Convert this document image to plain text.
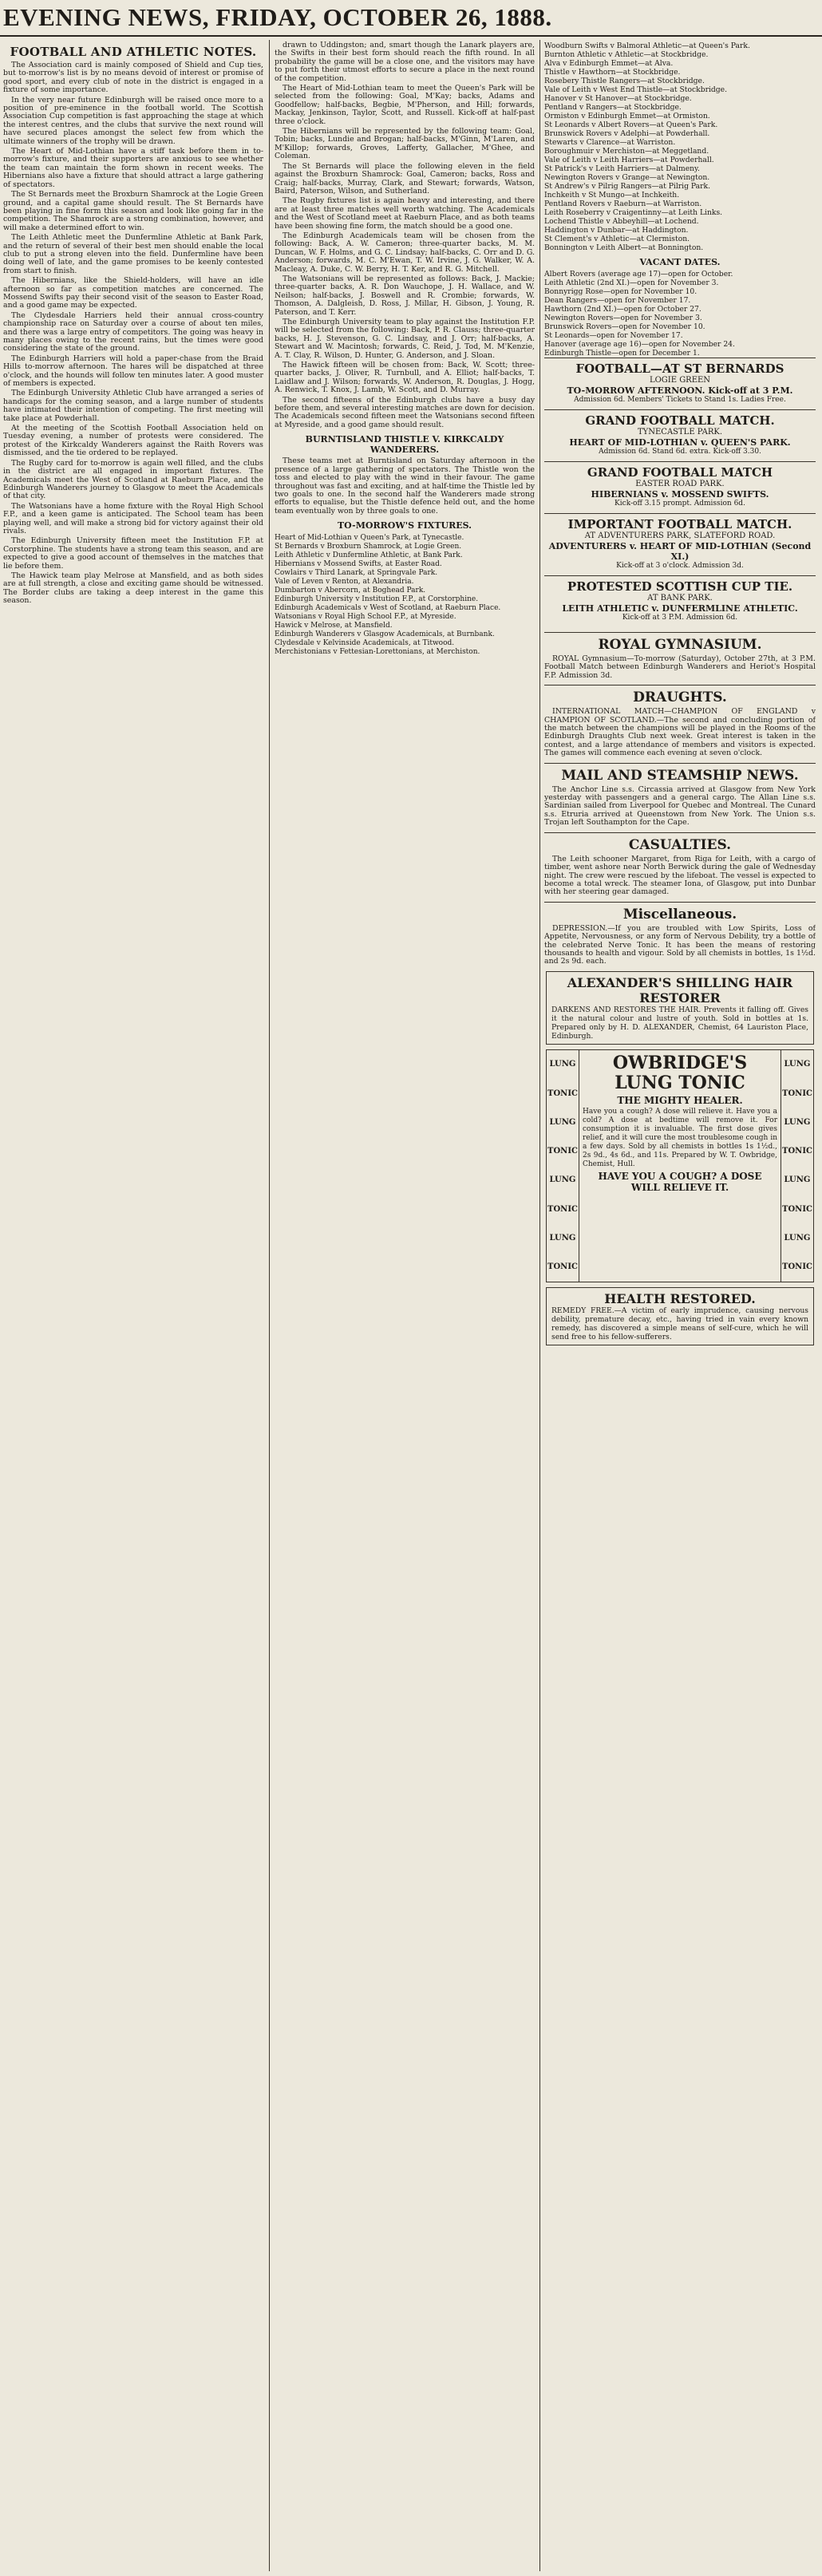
EVENING NEWS, FRIDAY, OCTOBER 26, 1888.
FOOTBALL AND ATHLETIC NOTES.

The Association card is mainly composed of Shield and Cup ties, but to-morrow's list is by no means devoid of interest or promise of good sport, and every club of note in the district is engaged in a fixture of some importance.

In the very near future Edinburgh will be raised once more to a position of pre-eminence in the football world. The Scottish Association Cup competition is fast approaching the stage at which the interest centres, and the clubs that survive the next round will have secured places amongst the select few from which the ultimate winners of the trophy will be drawn.

The Heart of Mid-Lothian have a stiff task before them in to-morrow's fixture, and their supporters are anxious to see whether the team can maintain the form shown in recent weeks. The Hibernians also have a fixture that should attract a large gathering of spectators.

The St Bernards meet the Broxburn Shamrock at the Logie Green ground, and a capital game should result. The St Bernards have been playing in fine form this season and look like going far in the competition. The Shamrock are a strong combination, however, and will make a determined effort to win.

The Leith Athletic meet the Dunfermline Athletic at Bank Park, and the return of several of their best men should enable the local club to put a strong eleven into the field. Dunfermline have been doing well of late, and the game promises to be keenly contested from start to finish.

The Hibernians, like the Shield-holders, will have an idle afternoon so far as competition matches are concerned. The Mossend Swifts pay their second visit of the season to Easter Road, and a good game may be expected.

The Clydesdale Harriers held their annual cross-country championship race on Saturday over a course of about ten miles, and there was a large entry of competitors. The going was heavy in many places owing to the recent rains, but the times were good considering the state of the ground.

The Edinburgh Harriers will hold a paper-chase from the Braid Hills to-morrow afternoon. The hares will be dispatched at three o'clock, and the hounds will follow ten minutes later. A good muster of members is expected.

The Edinburgh University Athletic Club have arranged a series of handicaps for the coming season, and a large number of students have intimated their intention of competing. The first meeting will take place at Powderhall.

At the meeting of the Scottish Football Association held on Tuesday evening, a number of protests were considered. The protest of the Kirkcaldy Wanderers against the Raith Rovers was dismissed, and the tie ordered to be replayed.

The Rugby card for to-morrow is again well filled, and the clubs in the district are all engaged in important fixtures. The Academicals meet the West of Scotland at Raeburn Place, and the Edinburgh Wanderers journey to Glasgow to meet the Academicals of that city.

The Watsonians have a home fixture with the Royal High School F.P., and a keen game is anticipated. The School team has been playing well, and will make a strong bid for victory against their old rivals.

The Edinburgh University fifteen meet the Institution F.P. at Corstorphine. The students have a strong team this season, and are expected to give a good account of themselves in the matches that lie before them.

The Hawick team play Melrose at Mansfield, and as both sides are at full strength, a close and exciting game should be witnessed. The Border clubs are taking a deep interest in the game this season.

drawn to Uddingston; and, smart though the Lanark players are, the Swifts in their best form should reach the fifth round. In all probability the game will be a close one, and the visitors may have to put forth their utmost efforts to secure a place in the next round of the competition.

The Heart of Mid-Lothian team to meet the Queen's Park will be selected from the following: Goal, M'Kay; backs, Adams and Goodfellow; half-backs, Begbie, M'Pherson, and Hill; forwards, Mackay, Jenkinson, Taylor, Scott, and Russell. Kick-off at half-past three o'clock.

The Hibernians will be represented by the following team: Goal, Tobin; backs, Lundie and Brogan; half-backs, M'Ginn, M'Laren, and M'Killop; forwards, Groves, Lafferty, Gallacher, M'Ghee, and Coleman.

The St Bernards will place the following eleven in the field against the Broxburn Shamrock: Goal, Cameron; backs, Ross and Craig; half-backs, Murray, Clark, and Stewart; forwards, Watson, Baird, Paterson, Wilson, and Sutherland.

The Rugby fixtures list is again heavy and interesting, and there are at least three matches well worth watching. The Academicals and the West of Scotland meet at Raeburn Place, and as both teams have been showing fine form, the match should be a good one.

The Edinburgh Academicals team will be chosen from the following: Back, A. W. Cameron; three-quarter backs, M. M. Duncan, W. F. Holms, and G. C. Lindsay; half-backs, C. Orr and D. G. Anderson; forwards, M. C. M'Ewan, T. W. Irvine, J. G. Walker, W. A. Macleay, A. Duke, C. W. Berry, H. T. Ker, and R. G. Mitchell.

The Watsonians will be represented as follows: Back, J. Mackie; three-quarter backs, A. R. Don Wauchope, J. H. Wallace, and W. Neilson; half-backs, J. Boswell and R. Crombie; forwards, W. Thomson, A. Dalgleish, D. Ross, J. Millar, H. Gibson, J. Young, R. Paterson, and T. Kerr.

The Edinburgh University team to play against the Institution F.P. will be selected from the following: Back, P. R. Clauss; three-quarter backs, H. J. Stevenson, G. C. Lindsay, and J. Orr; half-backs, A. Stewart and W. Macintosh; forwards, C. Reid, J. Tod, M. M'Kenzie, A. T. Clay, R. Wilson, D. Hunter, G. Anderson, and J. Sloan.

The Hawick fifteen will be chosen from: Back, W. Scott; three-quarter backs, J. Oliver, R. Turnbull, and A. Elliot; half-backs, T. Laidlaw and J. Wilson; forwards, W. Anderson, R. Douglas, J. Hogg, A. Renwick, T. Knox, J. Lamb, W. Scott, and D. Murray.

The second fifteens of the Edinburgh clubs have a busy day before them, and several interesting matches are down for decision. The Academicals second fifteen meet the Watsonians second fifteen at Myreside, and a good game should result.

BURNTISLAND THISTLE V. KIRKCALDY WANDERERS.

These teams met at Burntisland on Saturday afternoon in the presence of a large gathering of spectators. The Thistle won the toss and elected to play with the wind in their favour. The game throughout was fast and exciting, and at half-time the Thistle led by two goals to one. In the second half the Wanderers made strong efforts to equalise, but the Thistle defence held out, and the home team eventually won by three goals to one.

TO-MORROW'S FIXTURES.

Heart of Mid-Lothian v Queen's Park, at Tynecastle.

St Bernards v Broxburn Shamrock, at Logie Green.

Leith Athletic v Dunfermline Athletic, at Bank Park.

Hibernians v Mossend Swifts, at Easter Road.

Cowlairs v Third Lanark, at Springvale Park.

Vale of Leven v Renton, at Alexandria.

Dumbarton v Abercorn, at Boghead Park.

Edinburgh University v Institution F.P., at Corstorphine.

Edinburgh Academicals v West of Scotland, at Raeburn Place.

Watsonians v Royal High School F.P., at Myreside.

Hawick v Melrose, at Mansfield.

Edinburgh Wanderers v Glasgow Academicals, at Burnbank.

Clydesdale v Kelvinside Academicals, at Titwood.

Merchistonians v Fettesian-Lorettonians, at Merchiston.

Woodburn Swifts v Balmoral Athletic—at Queen's Park.

Burnton Athletic v Athletic—at Stockbridge.

Alva v Edinburgh Emmet—at Alva.

Thistle v Hawthorn—at Stockbridge.

Rosebery Thistle Rangers—at Stockbridge.

Vale of Leith v West End Thistle—at Stockbridge.

Hanover v St Hanover—at Stockbridge.

Pentland v Rangers—at Stockbridge.

Ormiston v Edinburgh Emmet—at Ormiston.

St Leonards v Albert Rovers—at Queen's Park.

Brunswick Rovers v Adelphi—at Powderhall.

Stewarts v Clarence—at Warriston.

Boroughmuir v Merchiston—at Meggetland.

Vale of Leith v Leith Harriers—at Powderhall.

St Patrick's v Leith Harriers—at Dalmeny.

Newington Rovers v Grange—at Newington.

St Andrew's v Pilrig Rangers—at Pilrig Park.

Inchkeith v St Mungo—at Inchkeith.

Pentland Rovers v Raeburn—at Warriston.

Leith Roseberry v Craigentinny—at Leith Links.

Lochend Thistle v Abbeyhill—at Lochend.

Haddington v Dunbar—at Haddington.

St Clement's v Athletic—at Clermiston.

Bonnington v Leith Albert—at Bonnington.

VACANT DATES.

Albert Rovers (average age 17)—open for October.

Leith Athletic (2nd XI.)—open for November 3.

Bonnyrigg Rose—open for November 10.

Dean Rangers—open for November 17.

Hawthorn (2nd XI.)—open for October 27.

Newington Rovers—open for November 3.

Brunswick Rovers—open for November 10.

St Leonards—open for November 17.

Hanover (average age 16)—open for November 24.

Edinburgh Thistle—open for December 1.

FOOTBALL—AT ST BERNARDS
LOGIE GREEN
TO-MORROW AFTERNOON. Kick-off at 3 P.M.
Admission 6d. Members' Tickets to Stand 1s. Ladies Free.
GRAND FOOTBALL MATCH.
TYNECASTLE PARK.
HEART OF MID-LOTHIAN v. QUEEN'S PARK.
Admission 6d. Stand 6d. extra. Kick-off 3.30.
GRAND FOOTBALL MATCH
EASTER ROAD PARK.
HIBERNIANS v. MOSSEND SWIFTS.
Kick-off 3.15 prompt. Admission 6d.
IMPORTANT FOOTBALL MATCH.
AT ADVENTURERS PARK, SLATEFORD ROAD.
ADVENTURERS v. HEART OF MID-LOTHIAN (Second XI.)
Kick-off at 3 o'clock. Admission 3d.
PROTESTED SCOTTISH CUP TIE.
AT BANK PARK.
LEITH ATHLETIC v. DUNFERMLINE ATHLETIC.
Kick-off at 3 P.M. Admission 6d.
ROYAL GYMNASIUM.

ROYAL Gymnasium—To-morrow (Saturday), October 27th, at 3 P.M. Football Match between Edinburgh Wanderers and Heriot's Hospital F.P. Admission 3d.

DRAUGHTS.

INTERNATIONAL MATCH—CHAMPION OF ENGLAND v CHAMPION OF SCOTLAND.—The second and concluding portion of the match between the champions will be played in the Rooms of the Edinburgh Draughts Club next week. Great interest is taken in the contest, and a large attendance of members and visitors is expected. The games will commence each evening at seven o'clock.

MAIL AND STEAMSHIP NEWS.

The Anchor Line s.s. Circassia arrived at Glasgow from New York yesterday with passengers and a general cargo. The Allan Line s.s. Sardinian sailed from Liverpool for Quebec and Montreal. The Cunard s.s. Etruria arrived at Queenstown from New York. The Union s.s. Trojan left Southampton for the Cape.

CASUALTIES.

The Leith schooner Margaret, from Riga for Leith, with a cargo of timber, went ashore near North Berwick during the gale of Wednesday night. The crew were rescued by the lifeboat. The vessel is expected to become a total wreck. The steamer Iona, of Glasgow, put into Dunbar with her steering gear damaged.

Miscellaneous.

DEPRESSION.—If you are troubled with Low Spirits, Loss of Appetite, Nervousness, or any form of Nervous Debility, try a bottle of the celebrated Nerve Tonic. It has been the means of restoring thousands to health and vigour. Sold by all chemists in bottles, 1s 1½d. and 2s 9d. each.

ALEXANDER'S SHILLING HAIR RESTORER
DARKENS AND RESTORES THE HAIR. Prevents it falling off. Gives it the natural colour and lustre of youth. Sold in bottles at 1s. Prepared only by H. D. ALEXANDER, Chemist, 64 Lauriston Place, Edinburgh.
LUNG
TONIC
LUNG
TONIC
LUNG
TONIC
LUNG
TONIC
OWBRIDGE'S LUNG TONIC
THE MIGHTY HEALER.
Have you a cough? A dose will relieve it. Have you a cold? A dose at bedtime will remove it. For consumption it is invaluable. The first dose gives relief, and it will cure the most troublesome cough in a few days. Sold by all chemists in bottles 1s 1½d., 2s 9d., 4s 6d., and 11s. Prepared by W. T. Owbridge, Chemist, Hull.
HAVE YOU A COUGH? A DOSE WILL RELIEVE IT.
LUNG
TONIC
LUNG
TONIC
LUNG
TONIC
LUNG
TONIC
HEALTH RESTORED.
REMEDY FREE.—A victim of early imprudence, causing nervous debility, premature decay, etc., having tried in vain every known remedy, has discovered a simple means of self-cure, which he will send free to his fellow-sufferers.
